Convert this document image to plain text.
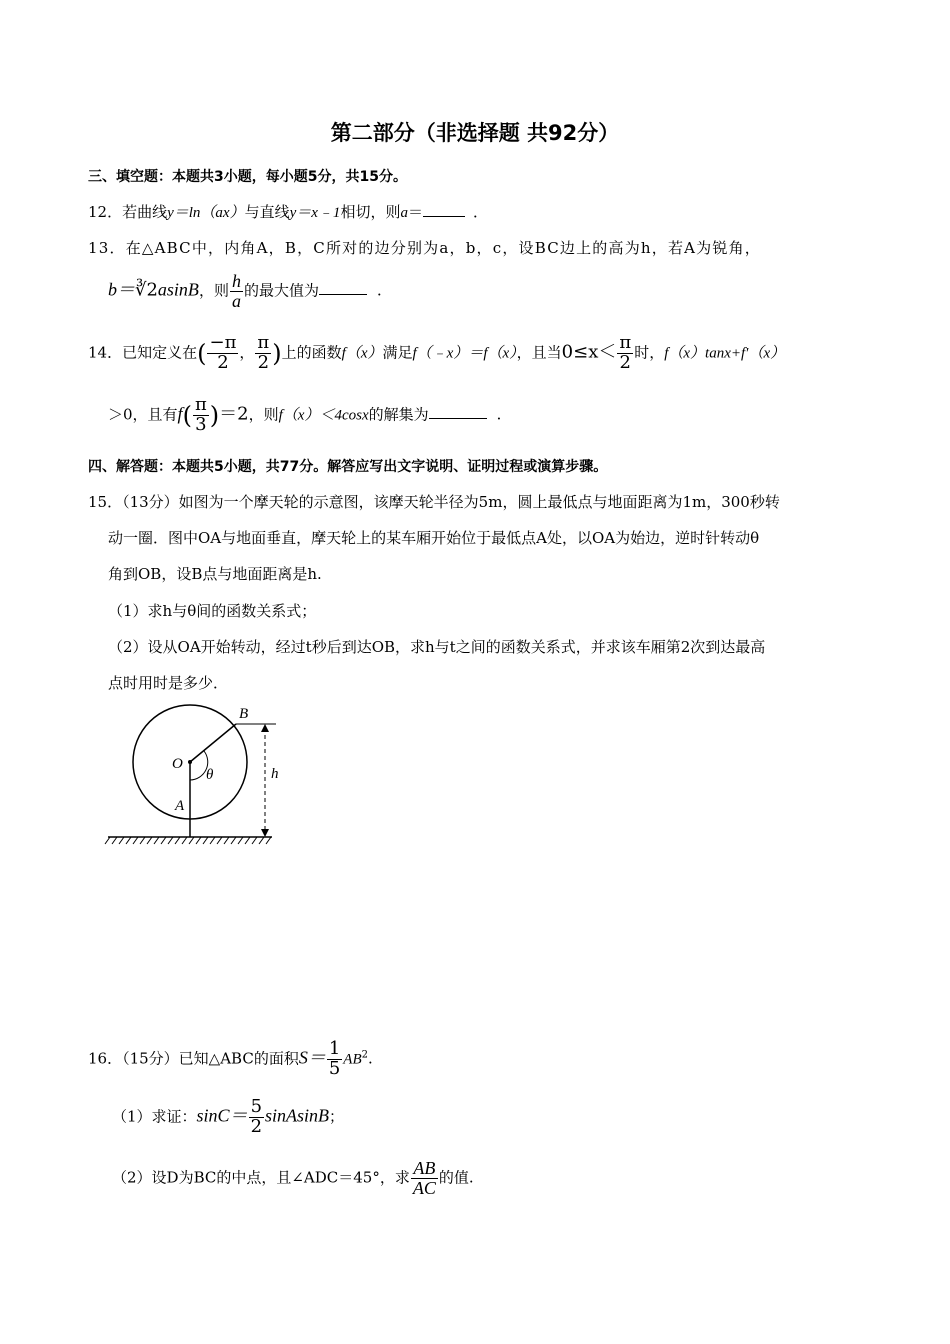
第二部分（非选择题 共92分）
三、填空题：本题共3小题，每小题5分，共15分。
12．若曲线y＝ln（ax）与直线y＝x﹣1相切，则a＝	．
13．在△ABC中，内角A，B，C所对的边分别为a，b，c，设BC边上的高为h，若A为锐角，
b＝∛2asinB，则 $\frac{h}{a}$ 的最大值为	．
14．已知定义在( $\frac{-\pi}{2}$ ， $\frac{\pi}{2}$ )上的函数f（x）满足f（﹣x）＝f（x），且当$0\le x< \frac{\pi}{2}$ 时，f（x）tanx+f′（x）
＞0，且有$f( \frac{\pi}{3} )=2$，则f（x）＜4cosx的解集为	．
四、解答题：本题共5小题，共77分。解答应写出文字说明、证明过程或演算步骤。
15．（13分）如图为一个摩天轮的示意图，该摩天轮半径为5m，圆上最低点与地面距离为1m，300秒转
动一圈．图中OA与地面垂直，摩天轮上的某车厢开始位于最低点A处，以OA为始边，逆时针转动θ
角到OB，设B点与地面距离是h.
（1）求h与θ间的函数关系式；
（2）设从OA开始转动，经过t秒后到达OB，求h与t之间的函数关系式，并求该车厢第2次到达最高
点时用时是多少．
B
O
θ
A
h
16．（15分）已知△ABC的面积$S= \frac{1}{5} AB^2$.
（1）求证：$\sin C= \frac{5}{2}$ sinAsinB；
（2）设D为BC的中点，且∠ADC＝45°，求 $\frac{AB}{AC}$ 的值.
